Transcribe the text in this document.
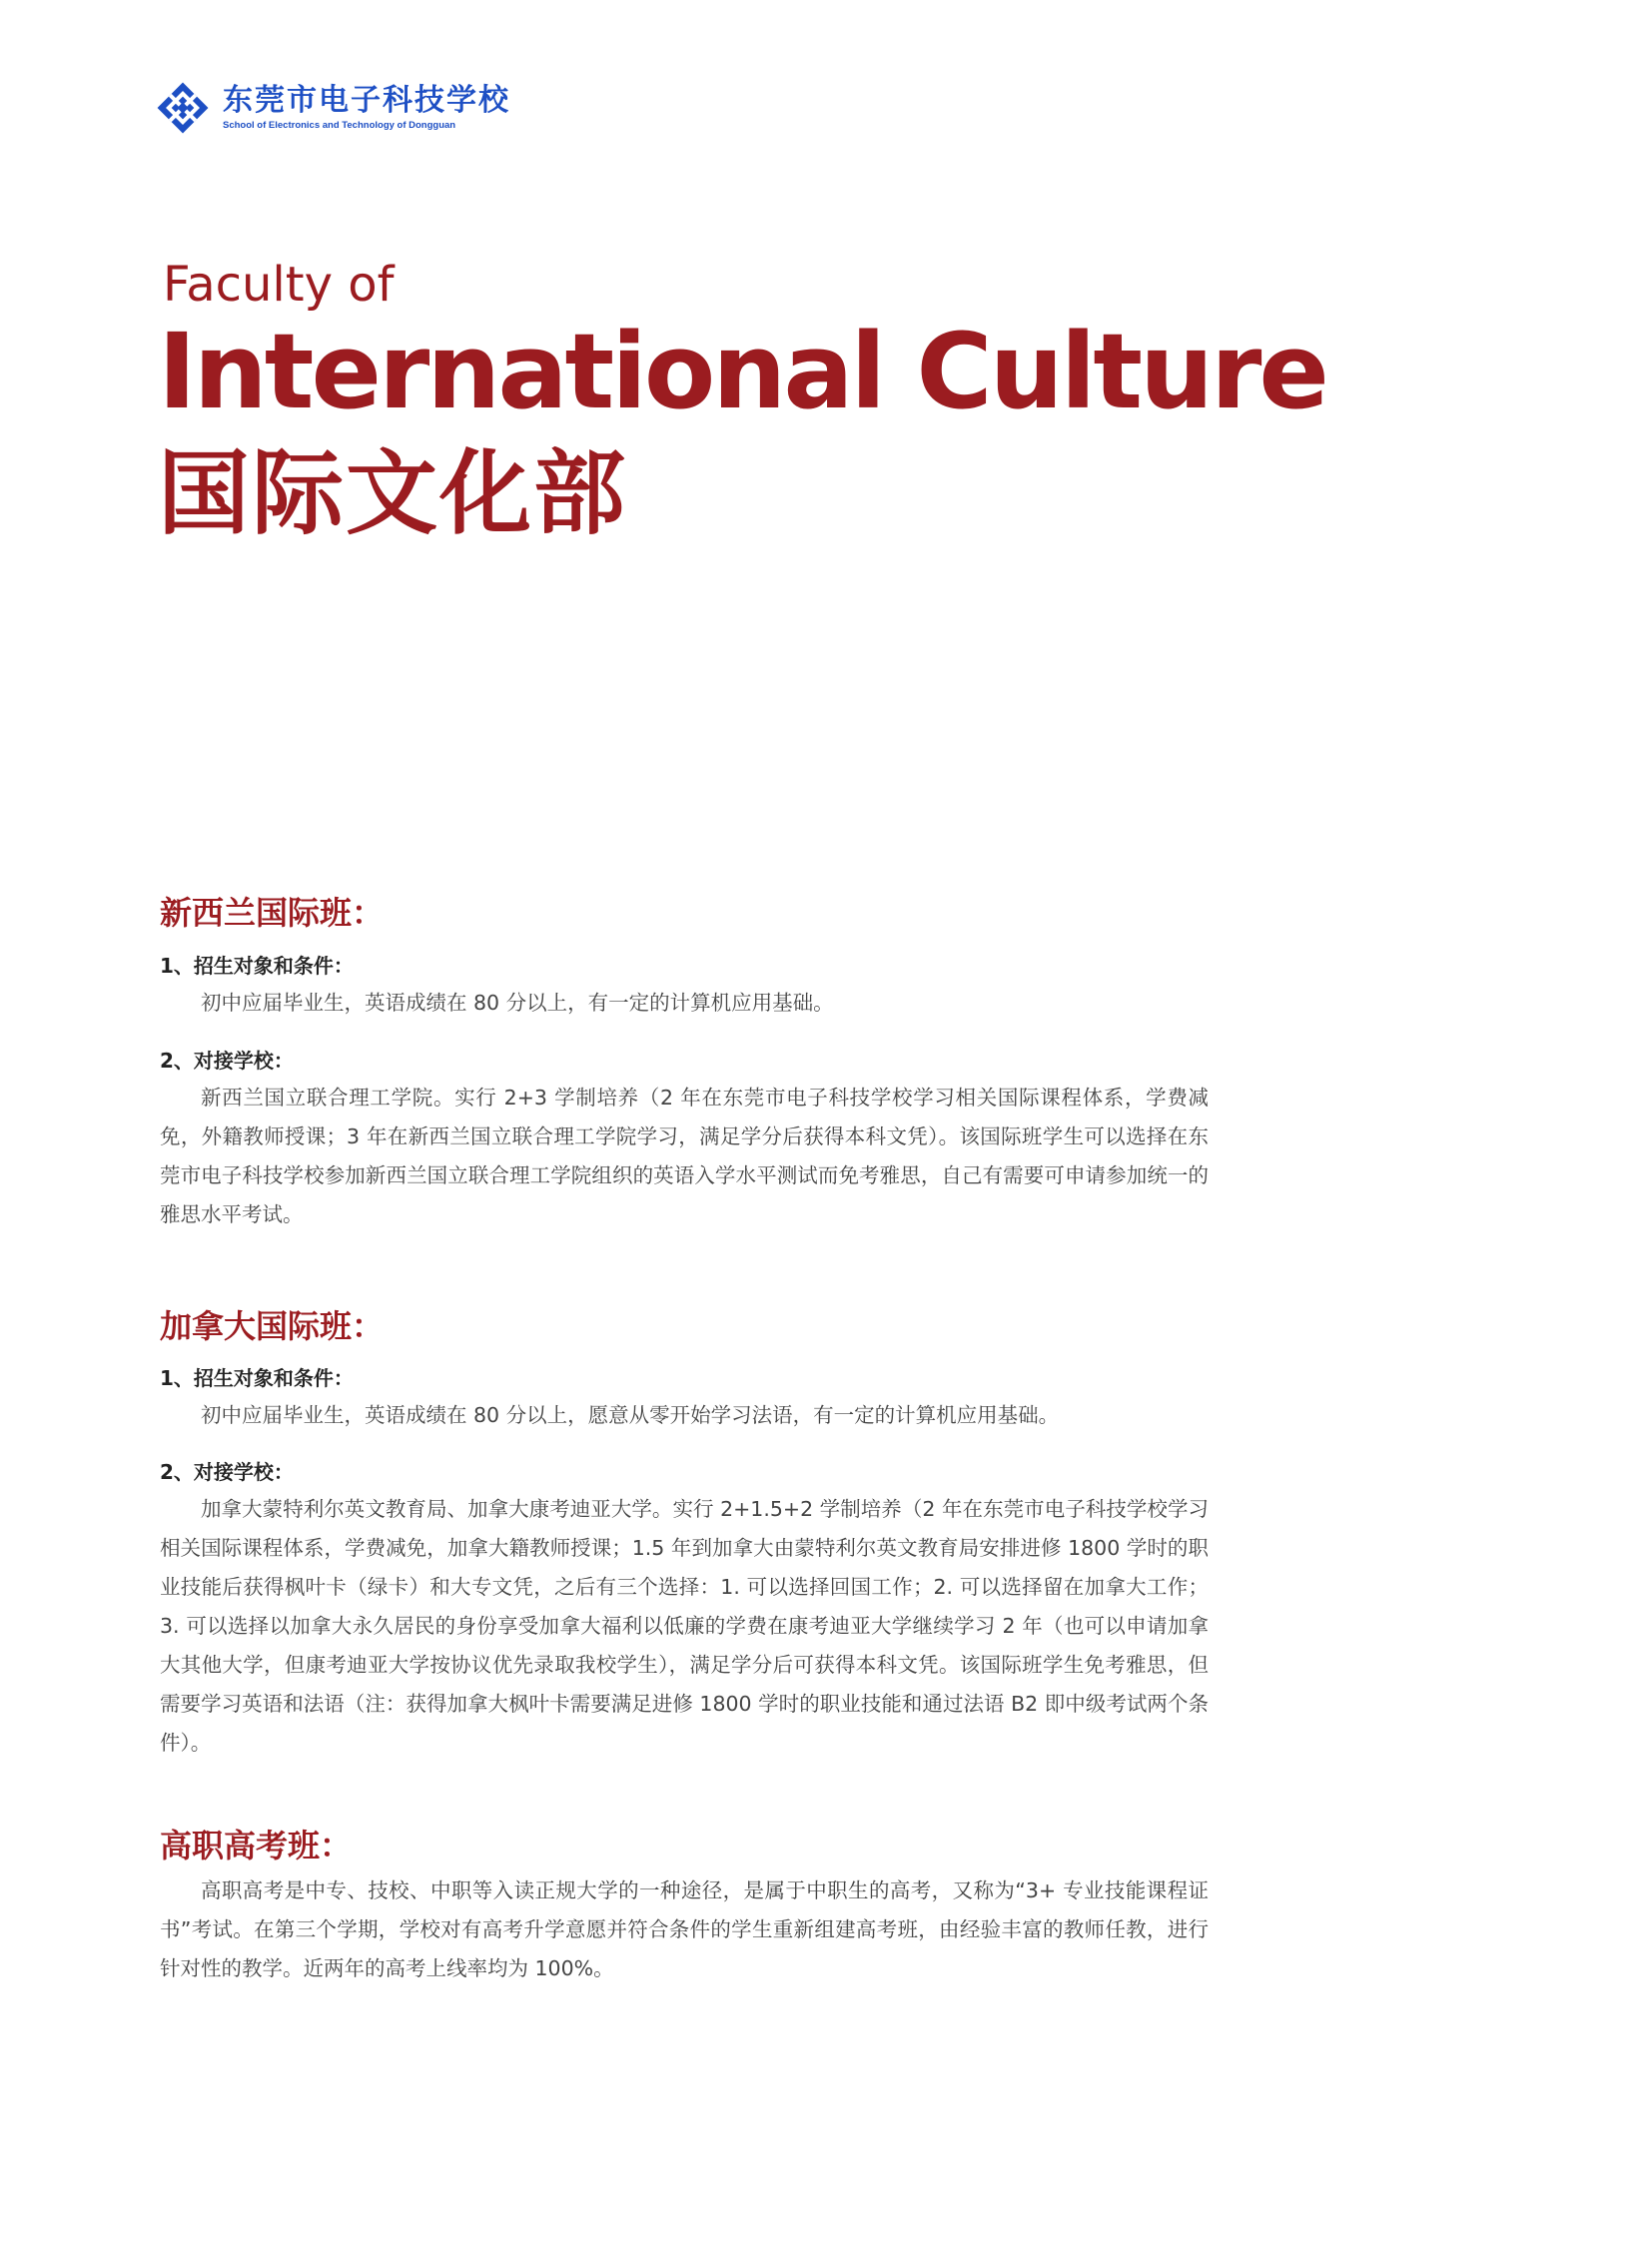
东莞市电子科技学校
School of Electronics and Technology of Dongguan
Faculty of
International Culture
国际文化部
新西兰国际班：
1、招生对象和条件：

初中应届毕业生，英语成绩在 80 分以上，有一定的计算机应用基础。

2、对接学校：

新西兰国立联合理工学院。实行 2+3 学制培养（2 年在东莞市电子科技学校学习相关国际课程体系，学费减免，外籍教师授课；3 年在新西兰国立联合理工学院学习，满足学分后获得本科文凭）。该国际班学生可以选择在东莞市电子科技学校参加新西兰国立联合理工学院组织的英语入学水平测试而免考雅思，自己有需要可申请参加统一的雅思水平考试。

加拿大国际班：
1、招生对象和条件：

初中应届毕业生，英语成绩在 80 分以上，愿意从零开始学习法语，有一定的计算机应用基础。

2、对接学校：

加拿大蒙特利尔英文教育局、加拿大康考迪亚大学。实行 2+1.5+2 学制培养（2 年在东莞市电子科技学校学习相关国际课程体系，学费减免，加拿大籍教师授课；1.5 年到加拿大由蒙特利尔英文教育局安排进修 1800 学时的职业技能后获得枫叶卡（绿卡）和大专文凭，之后有三个选择：1. 可以选择回国工作；2. 可以选择留在加拿大工作；3. 可以选择以加拿大永久居民的身份享受加拿大福利以低廉的学费在康考迪亚大学继续学习 2 年（也可以申请加拿大其他大学，但康考迪亚大学按协议优先录取我校学生），满足学分后可获得本科文凭。该国际班学生免考雅思，但需要学习英语和法语（注：获得加拿大枫叶卡需要满足进修 1800 学时的职业技能和通过法语 B2 即中级考试两个条件）。

高职高考班：

高职高考是中专、技校、中职等入读正规大学的一种途径，是属于中职生的高考，又称为“3+ 专业技能课程证书”考试。在第三个学期，学校对有高考升学意愿并符合条件的学生重新组建高考班，由经验丰富的教师任教，进行针对性的教学。近两年的高考上线率均为 100%。
